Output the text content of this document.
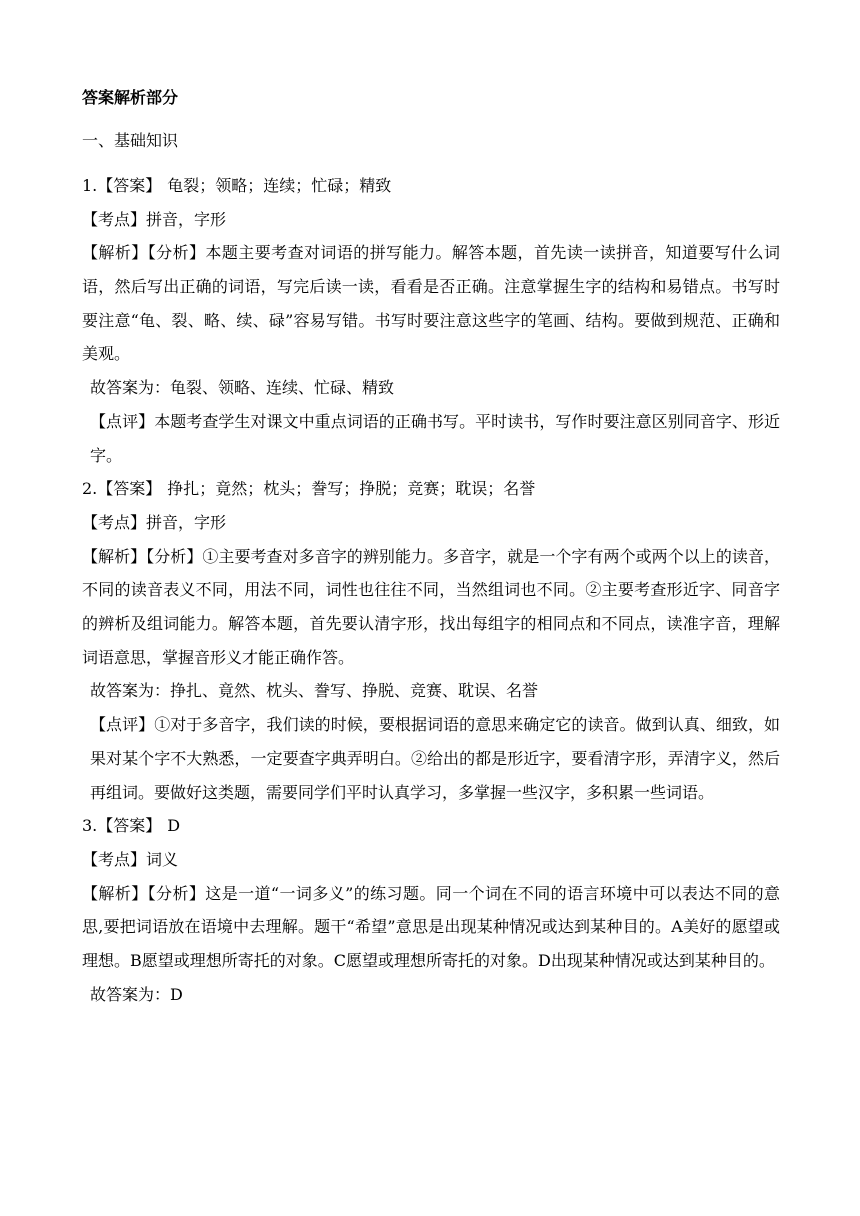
答案解析部分
一、基础知识
1.【答案】 龟裂；领略；连续；忙碌；精致
【考点】拼音，字形
【解析】【分析】本题主要考查对词语的拼写能力。解答本题，首先读一读拼音，知道要写什么词语，然后写出正确的词语，写完后读一读，看看是否正确。注意掌握生字的结构和易错点。书写时要注意“龟、裂、略、续、碌”容易写错。书写时要注意这些字的笔画、结构。要做到规范、正确和美观。
故答案为：龟裂、领略、连续、忙碌、精致
【点评】本题考查学生对课文中重点词语的正确书写。平时读书，写作时要注意区别同音字、形近字。
2.【答案】 挣扎；竟然；枕头；誊写；挣脱；竞赛；耽误；名誉
【考点】拼音，字形
【解析】【分析】①主要考查对多音字的辨别能力。多音字，就是一个字有两个或两个以上的读音，不同的读音表义不同，用法不同，词性也往往不同，当然组词也不同。②主要考查形近字、同音字的辨析及组词能力。解答本题，首先要认清字形，找出每组字的相同点和不同点，读准字音，理解词语意思，掌握音形义才能正确作答。
故答案为：挣扎、竟然、枕头、誊写、挣脱、竞赛、耽误、名誉
【点评】①对于多音字，我们读的时候，要根据词语的意思来确定它的读音。做到认真、细致，如果对某个字不大熟悉，一定要查字典弄明白。②给出的都是形近字，要看清字形，弄清字义，然后再组词。要做好这类题，需要同学们平时认真学习，多掌握一些汉字，多积累一些词语。
3.【答案】 D
【考点】词义
【解析】【分析】这是一道“一词多义”的练习题。同一个词在不同的语言环境中可以表达不同的意思,要把词语放在语境中去理解。题干“希望”意思是出现某种情况或达到某种目的。A美好的愿望或理想。B愿望或理想所寄托的对象。C愿望或理想所寄托的对象。D出现某种情况或达到某种目的。
故答案为：D
